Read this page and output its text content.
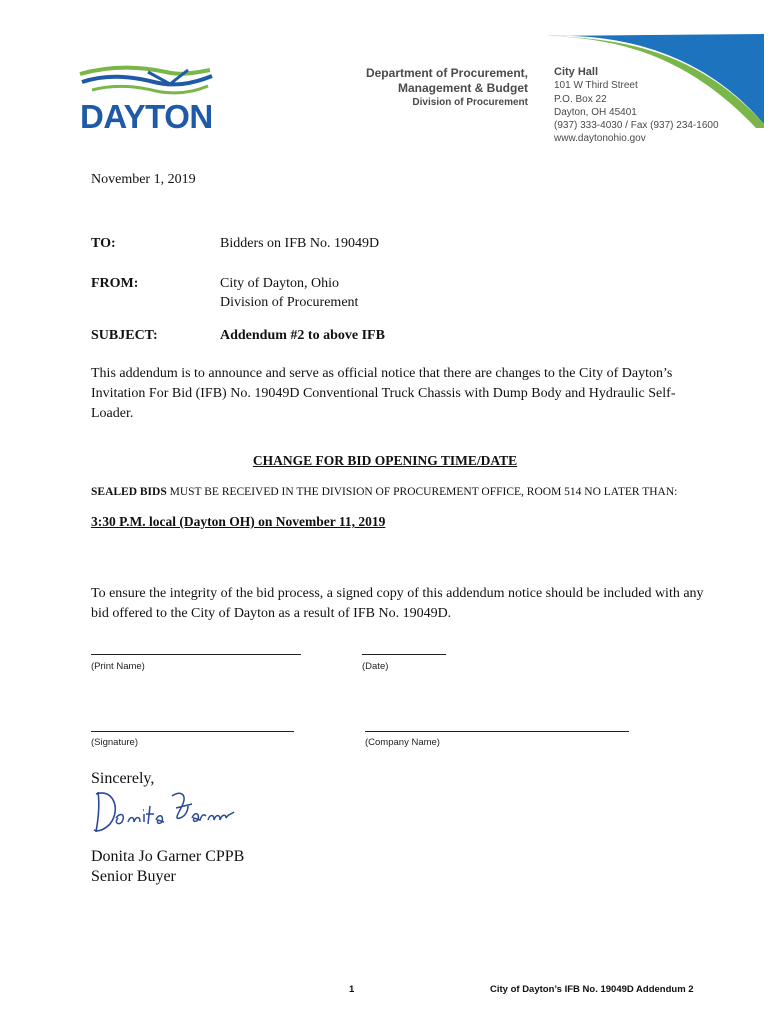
DAYTON
Department of Procurement,
Management & Budget
Division of Procurement
City Hall
101 W Third Street
P.O. Box 22
Dayton, OH 45401
(937) 333-4030 / Fax (937) 234-1600
www.daytonohio.gov
November 1, 2019
TO:	Bidders on IFB No. 19049D
FROM:	City of Dayton, Ohio
Division of Procurement
SUBJECT:	Addendum #2 to above IFB
This addendum is to announce and serve as official notice that there are changes to the City of Dayton’s Invitation For Bid (IFB) No. 19049D Conventional Truck Chassis with Dump Body and Hydraulic Self-Loader.
CHANGE FOR BID OPENING TIME/DATE
SEALED BIDS MUST BE RECEIVED IN THE DIVISION OF PROCUREMENT OFFICE, ROOM 514 NO LATER THAN:
3:30 P.M. local (Dayton OH) on November 11, 2019
To ensure the integrity of the bid process, a signed copy of this addendum notice should be included with any bid offered to the City of Dayton as a result of IFB No. 19049D.
(Print Name)	(Date)
(Signature)	(Company Name)
Sincerely,
Donita Jo Garner CPPB
Senior Buyer
1	City of Dayton’s IFB No. 19049D Addendum 2
